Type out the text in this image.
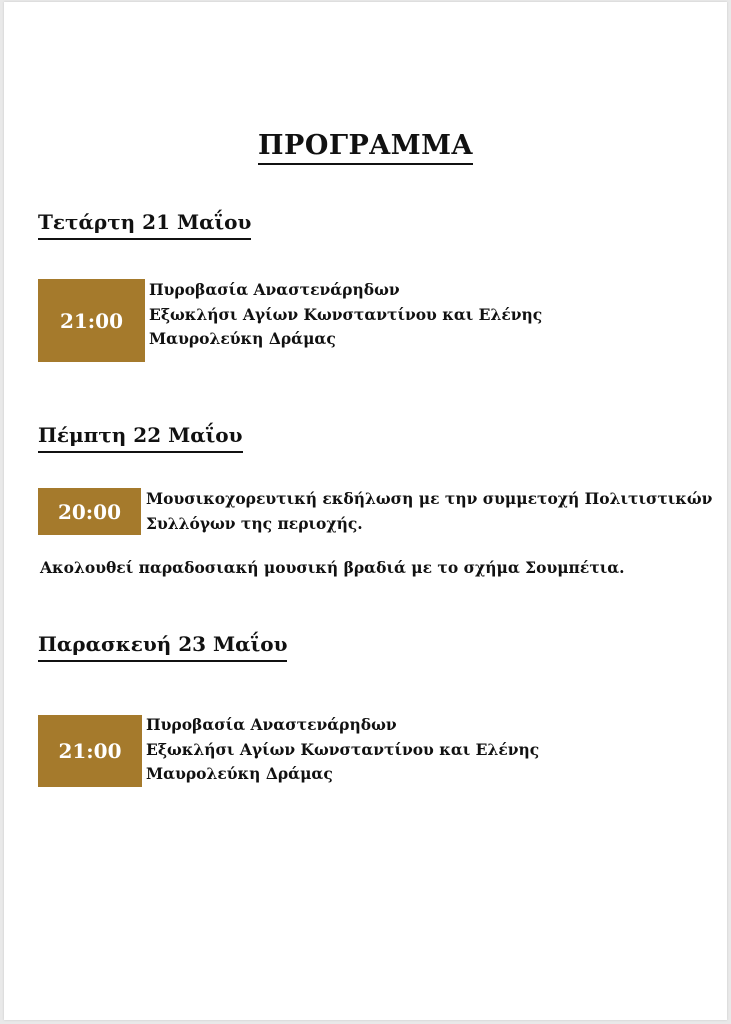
ΠΡΟΓΡΑΜΜΑ
Τετάρτη 21 Μαΐου
21:00
Πυροβασία Αναστενάρηδων
Εξωκλήσι Αγίων Κωνσταντίνου και Ελένης
Μαυρολεύκη Δράμας
Πέμπτη 22 Μαΐου
20:00
Μουσικοχορευτική εκδήλωση με την συμμετοχή Πολιτιστικών
Συλλόγων της περιοχής.
Ακολουθεί παραδοσιακή μουσική βραδιά με το σχήμα Σουμπέτια.
Παρασκευή 23 Μαΐου
21:00
Πυροβασία Αναστενάρηδων
Εξωκλήσι Αγίων Κωνσταντίνου και Ελένης
Μαυρολεύκη Δράμας
